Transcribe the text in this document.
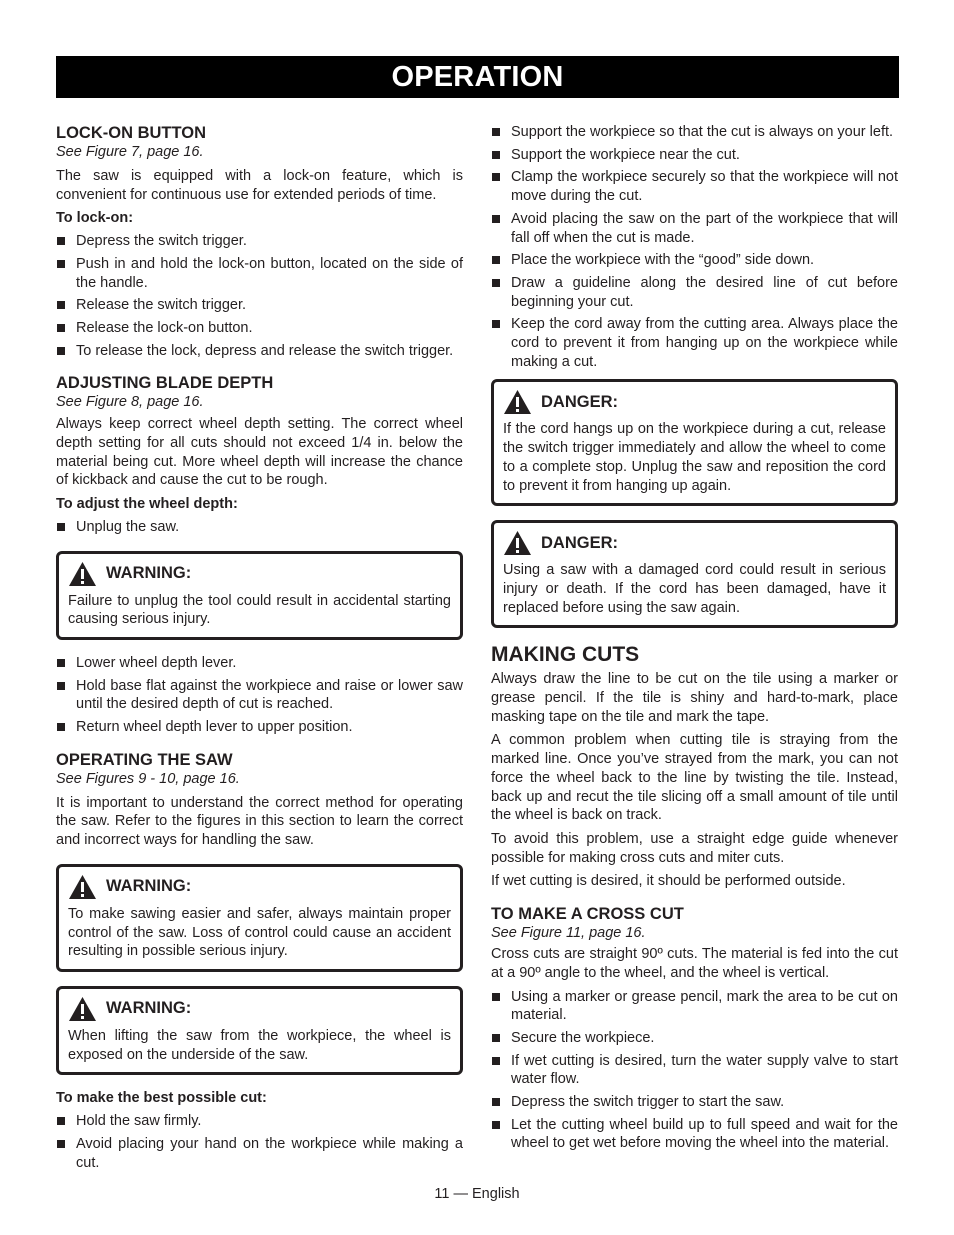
OPERATION
LOCK-ON BUTTON
See Figure 7, page 16.

The saw is equipped with a lock-on feature, which is convenient for continuous use for extended periods of time.

To lock-on:
Depress the switch trigger.
Push in and hold the lock-on button, located on the side of the handle.
Release the switch trigger.
Release the lock-on button.
To release the lock, depress and release the switch trigger.
ADJUSTING BLADE DEPTH
See Figure 8, page 16.

Always keep correct wheel depth setting. The correct wheel depth setting for all cuts should not exceed 1/4 in. below the material being cut. More wheel depth will increase the chance of kickback and cause the cut to be rough.

To adjust the wheel depth:
Unplug the saw.
WARNING:

Failure to unplug the tool could result in accidental starting causing serious injury.

Lower wheel depth lever.
Hold base flat against the workpiece and raise or lower saw until the desired depth of cut is reached.
Return wheel depth lever to upper position.
OPERATING THE SAW
See Figures 9 - 10, page 16.

It is important to understand the correct method for operating the saw. Refer to the figures in this section to learn the correct and incorrect ways for handling the saw.

WARNING:

To make sawing easier and safer, always maintain proper control of the saw. Loss of control could cause an accident resulting in possible serious injury.

WARNING:

When lifting the saw from the workpiece, the wheel is exposed on the underside of the saw.

To make the best possible cut:
Hold the saw firmly.
Avoid placing your hand on the workpiece while making a cut.
Support the workpiece so that the cut is always on your left.
Support the workpiece near the cut.
Clamp the workpiece securely so that the workpiece will not move during the cut.
Avoid placing the saw on the part of the workpiece that will fall off when the cut is made.
Place the workpiece with the “good” side down.
Draw a guideline along the desired line of cut before beginning your cut.
Keep the cord away from the cutting area. Always place the cord to prevent it from hanging up on the workpiece while making a cut.
DANGER:

If the cord hangs up on the workpiece during a cut, release the switch trigger immediately and allow the wheel to come to a complete stop. Unplug the saw and reposition the cord to prevent it from hanging up again.

DANGER:

Using a saw with a damaged cord could result in serious injury or death. If the cord has been damaged, have it replaced before using the saw again.

MAKING CUTS

Always draw the line to be cut on the tile using a marker or grease pencil. If the tile is shiny and hard-to-mark, place masking tape on the tile and mark the tape.

A common problem when cutting tile is straying from the marked line. Once you’ve strayed from the mark, you can not force the wheel back to the line by twisting the tile. Instead, back up and recut the tile slicing off a small amount of tile until the wheel is back on track.

To avoid this problem, use a straight edge guide whenever possible for making cross cuts and miter cuts.

If wet cutting is desired, it should be performed outside.

TO MAKE A CROSS CUT
See Figure 11, page 16.

Cross cuts are straight 90º cuts. The material is fed into the cut at a 90º angle to the wheel, and the wheel is vertical.

Using a marker or grease pencil, mark the area to be cut on material.
Secure the workpiece.
If wet cutting is desired, turn the water supply valve to start water flow.
Depress the switch trigger to start the saw.
Let the cutting wheel build up to full speed and wait for the wheel to get wet before moving the wheel into the material.
11 — English
